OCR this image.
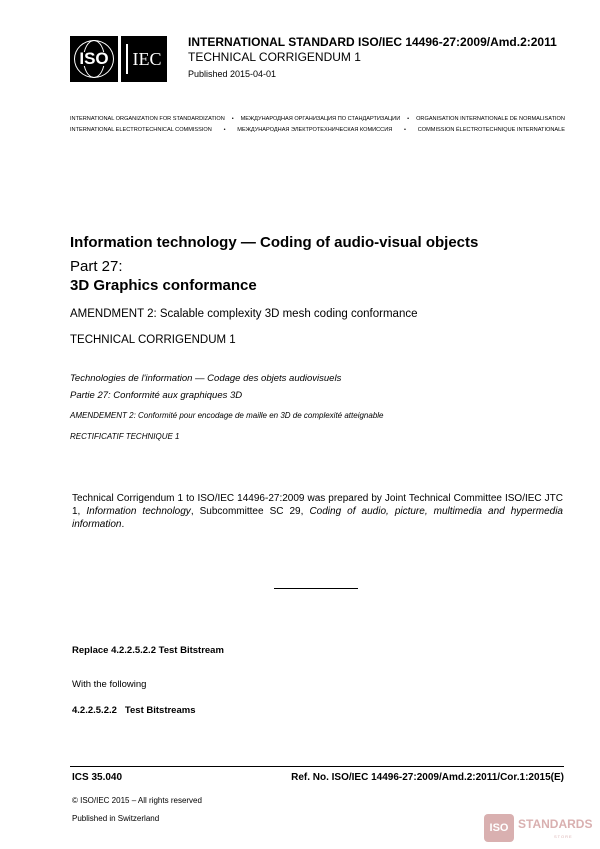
ISO IEC
INTERNATIONAL STANDARD ISO/IEC 14496-27:2009/Amd.2:2011
TECHNICAL CORRIGENDUM 1
Published 2015-04-01
INTERNATIONAL ORGANIZATION FOR STANDARDIZATION • МЕЖДУНАРОДНАЯ ОРГАНИЗАЦИЯ ПО СТАНДАРТИЗАЦИИ • ORGANISATION INTERNATIONALE DE NORMALISATION
INTERNATIONAL ELECTROTECHNICAL COMMISSION • МЕЖДУНАРОДНАЯ ЭЛЕКТРОТЕХНИЧЕСКАЯ КОМИССИЯ • COMMISSION ÉLECTROTECHNIQUE INTERNATIONALE
Information technology — Coding of audio-visual objects
Part 27:
3D Graphics conformance
AMENDMENT 2: Scalable complexity 3D mesh coding conformance
TECHNICAL CORRIGENDUM 1
Technologies de l'information — Codage des objets audiovisuels
Partie 27: Conformité aux graphiques 3D
AMENDEMENT 2: Conformité pour encodage de maille en 3D de complexité atteignable
RECTIFICATIF TECHNIQUE 1
Technical Corrigendum 1 to ISO/IEC 14496-27:2009 was prepared by Joint Technical Committee ISO/IEC JTC 1, Information technology, Subcommittee SC 29, Coding of audio, picture, multimedia and hypermedia information.
Replace 4.2.2.5.2.2 Test Bitstream
With the following
4.2.2.5.2.2 Test Bitstreams
ICS 35.040	Ref. No. ISO/IEC 14496-27:2009/Amd.2:2011/Cor.1:2015(E)
© ISO/IEC 2015 – All rights reserved
Published in Switzerland
ISO STANDARDS
STORE
